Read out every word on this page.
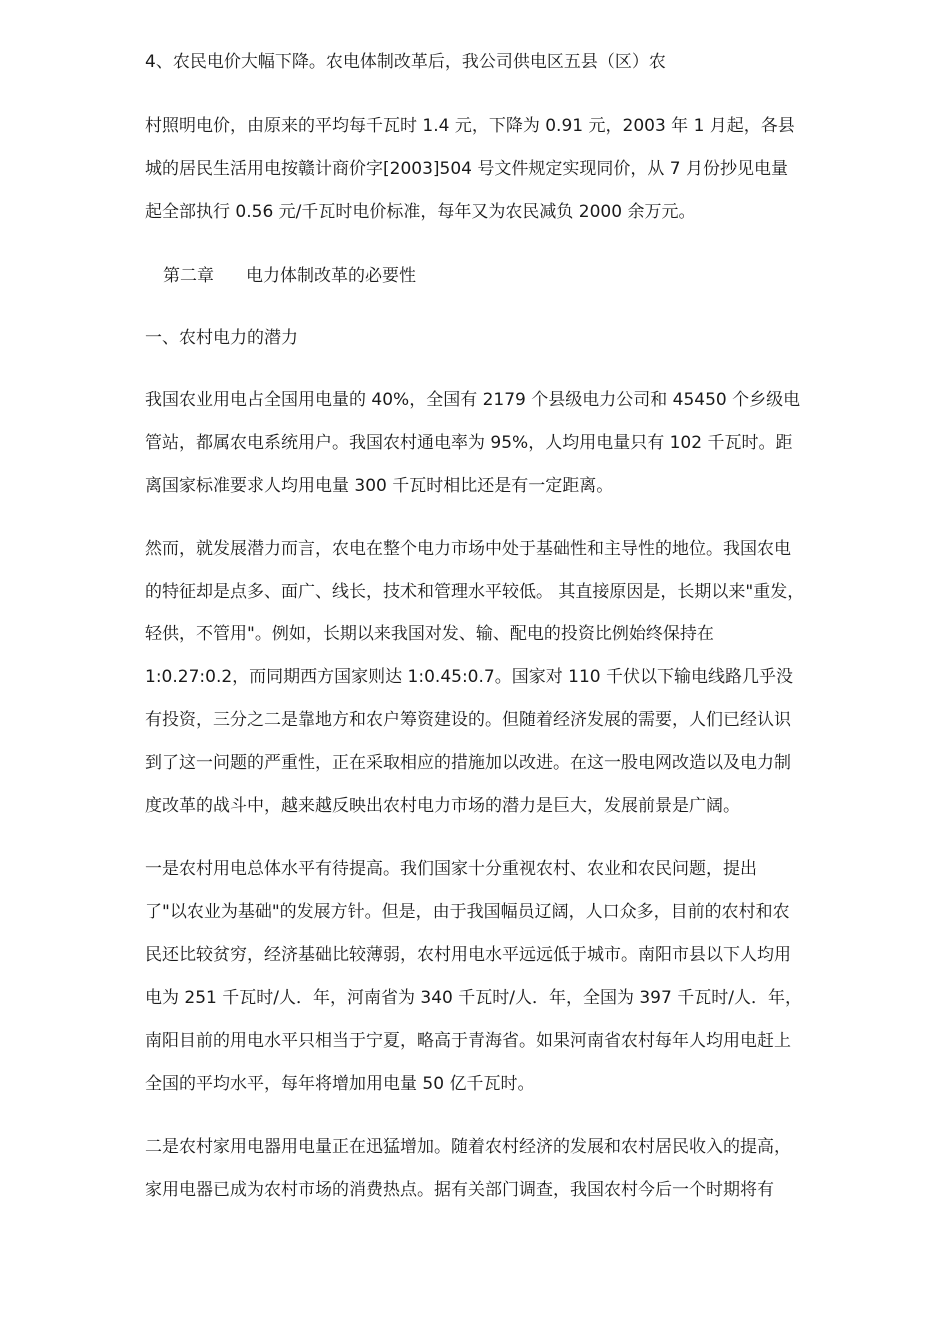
4、农民电价大幅下降。农电体制改革后，我公司供电区五县（区）农

村照明电价，由原来的平均每千瓦时 1.4 元，下降为 0.91 元，2003 年 1 月起，各县

城的居民生活用电按赣计商价字[2003]504 号文件规定实现同价，从 7 月份抄见电量

起全部执行 0.56 元/千瓦时电价标准，每年又为农民减负 2000 余万元。

第二章 电力体制改革的必要性

一、农村电力的潜力

我国农业用电占全国用电量的 40%，全国有 2179 个县级电力公司和 45450 个乡级电

管站，都属农电系统用户。我国农村通电率为 95%，人均用电量只有 102 千瓦时。距

离国家标准要求人均用电量 300 千瓦时相比还是有一定距离。

然而，就发展潜力而言，农电在整个电力市场中处于基础性和主导性的地位。我国农电

的特征却是点多、面广、线长，技术和管理水平较低。 其直接原因是，长期以来"重发，

轻供，不管用"。例如，长期以来我国对发、输、配电的投资比例始终保持在

1:0.27:0.2，而同期西方国家则达 1:0.45:0.7。国家对 110 千伏以下输电线路几乎没

有投资，三分之二是靠地方和农户筹资建设的。但随着经济发展的需要，人们已经认识

到了这一问题的严重性，正在采取相应的措施加以改进。在这一股电网改造以及电力制

度改革的战斗中，越来越反映出农村电力市场的潜力是巨大，发展前景是广阔。

一是农村用电总体水平有待提高。我们国家十分重视农村、农业和农民问题，提出

了"以农业为基础"的发展方针。但是，由于我国幅员辽阔，人口众多，目前的农村和农

民还比较贫穷，经济基础比较薄弱，农村用电水平远远低于城市。南阳市县以下人均用

电为 251 千瓦时/人．年，河南省为 340 千瓦时/人．年，全国为 397 千瓦时/人．年，

南阳目前的用电水平只相当于宁夏，略高于青海省。如果河南省农村每年人均用电赶上

全国的平均水平，每年将增加用电量 50 亿千瓦时。

二是农村家用电器用电量正在迅猛增加。随着农村经济的发展和农村居民收入的提高，

家用电器已成为农村市场的消费热点。据有关部门调查，我国农村今后一个时期将有
